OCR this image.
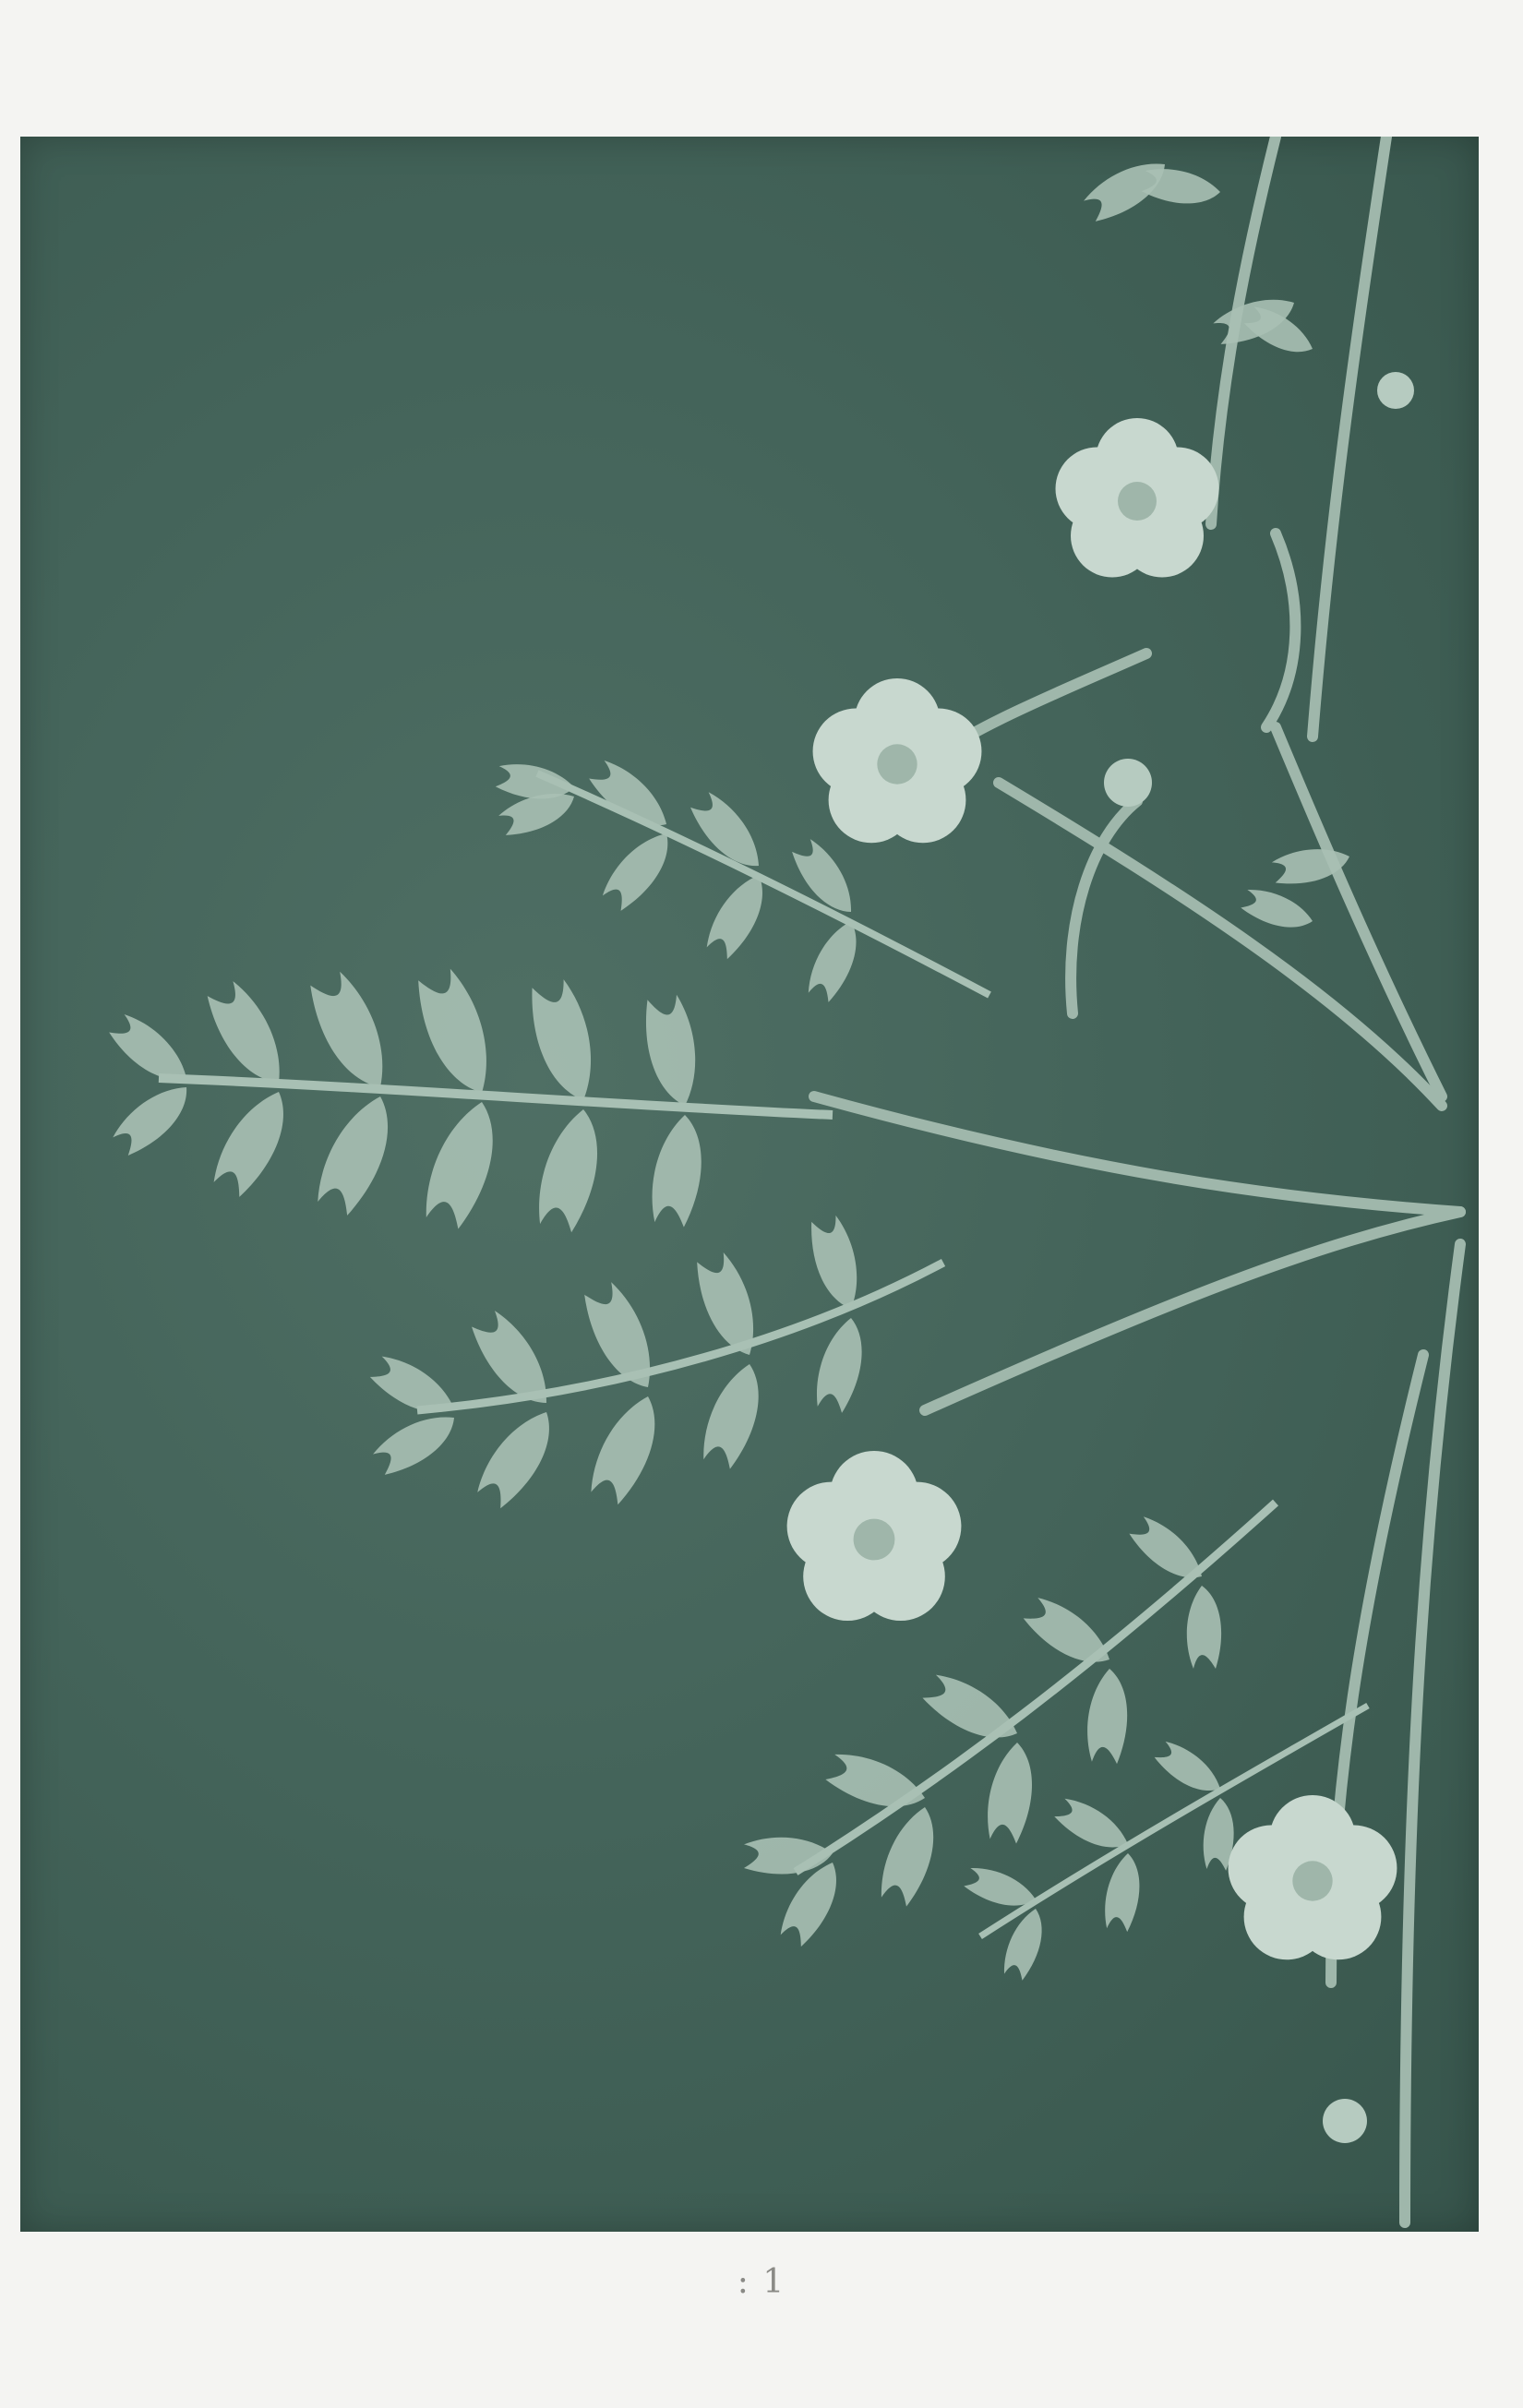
: 1
